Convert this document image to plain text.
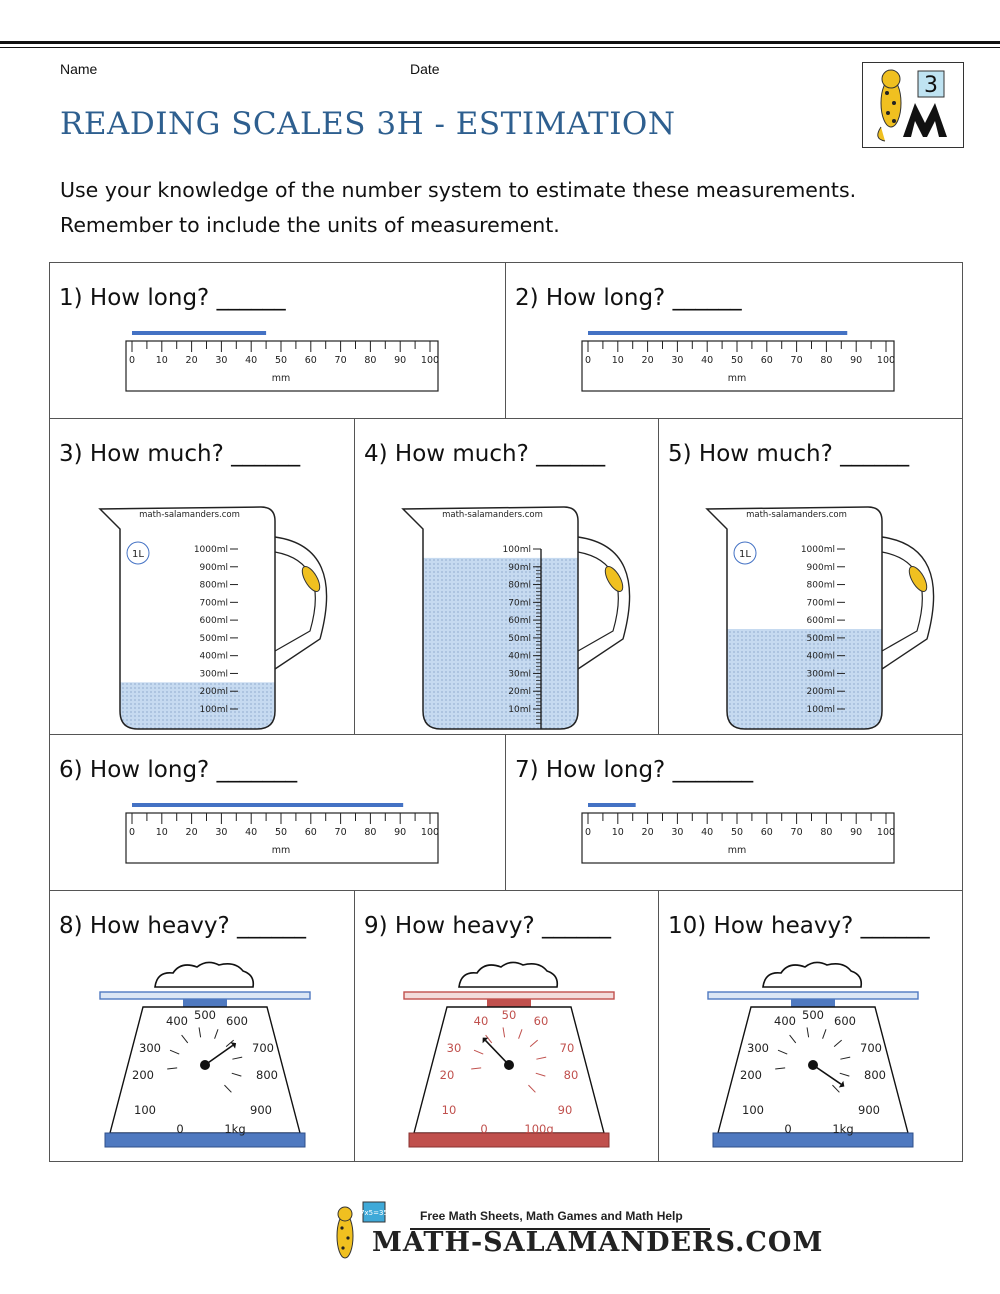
Name	Date
3
READING SCALES 3H - ESTIMATION
Use your knowledge of the number system to estimate these measurements.
Remember to include the units of measurement.
1) How long? ______
0 10 20 30 40 50 60 70 80 90 100
mm
2) How long? ______
0 10 20 30 40 50 60 70 80 90 100
mm
3) How much? ______
math-salamanders.com
1L	1000ml
900ml
800ml
700ml
600ml
500ml
400ml
300ml
200ml
100ml
4) How much? ______
math-salamanders.com
100ml
90ml
80ml
70ml
60ml
50ml
40ml
30ml
20ml
10ml
5) How much? ______
math-salamanders.com
1L	1000ml
900ml
800ml
700ml
600ml
500ml
400ml
300ml
200ml
100ml
6) How long? _______
0 10 20 30 40 50 60 70 80 90 100
mm
7) How long? _______
0 10 20 30 40 50 60 70 80 90 100
mm
8) How heavy? ______
0
100
200
300
400 500 600
700
800
900
1kg
9) How heavy? ______
0
10
20
30
40 50 60
70
80
90
100g
10) How heavy? ______
0
100
200
300
400 500 600
700
800
900
1kg
7x5=35	Free Math Sheets, Math Games and Math Help
MATH-SALAMANDERS.COM
